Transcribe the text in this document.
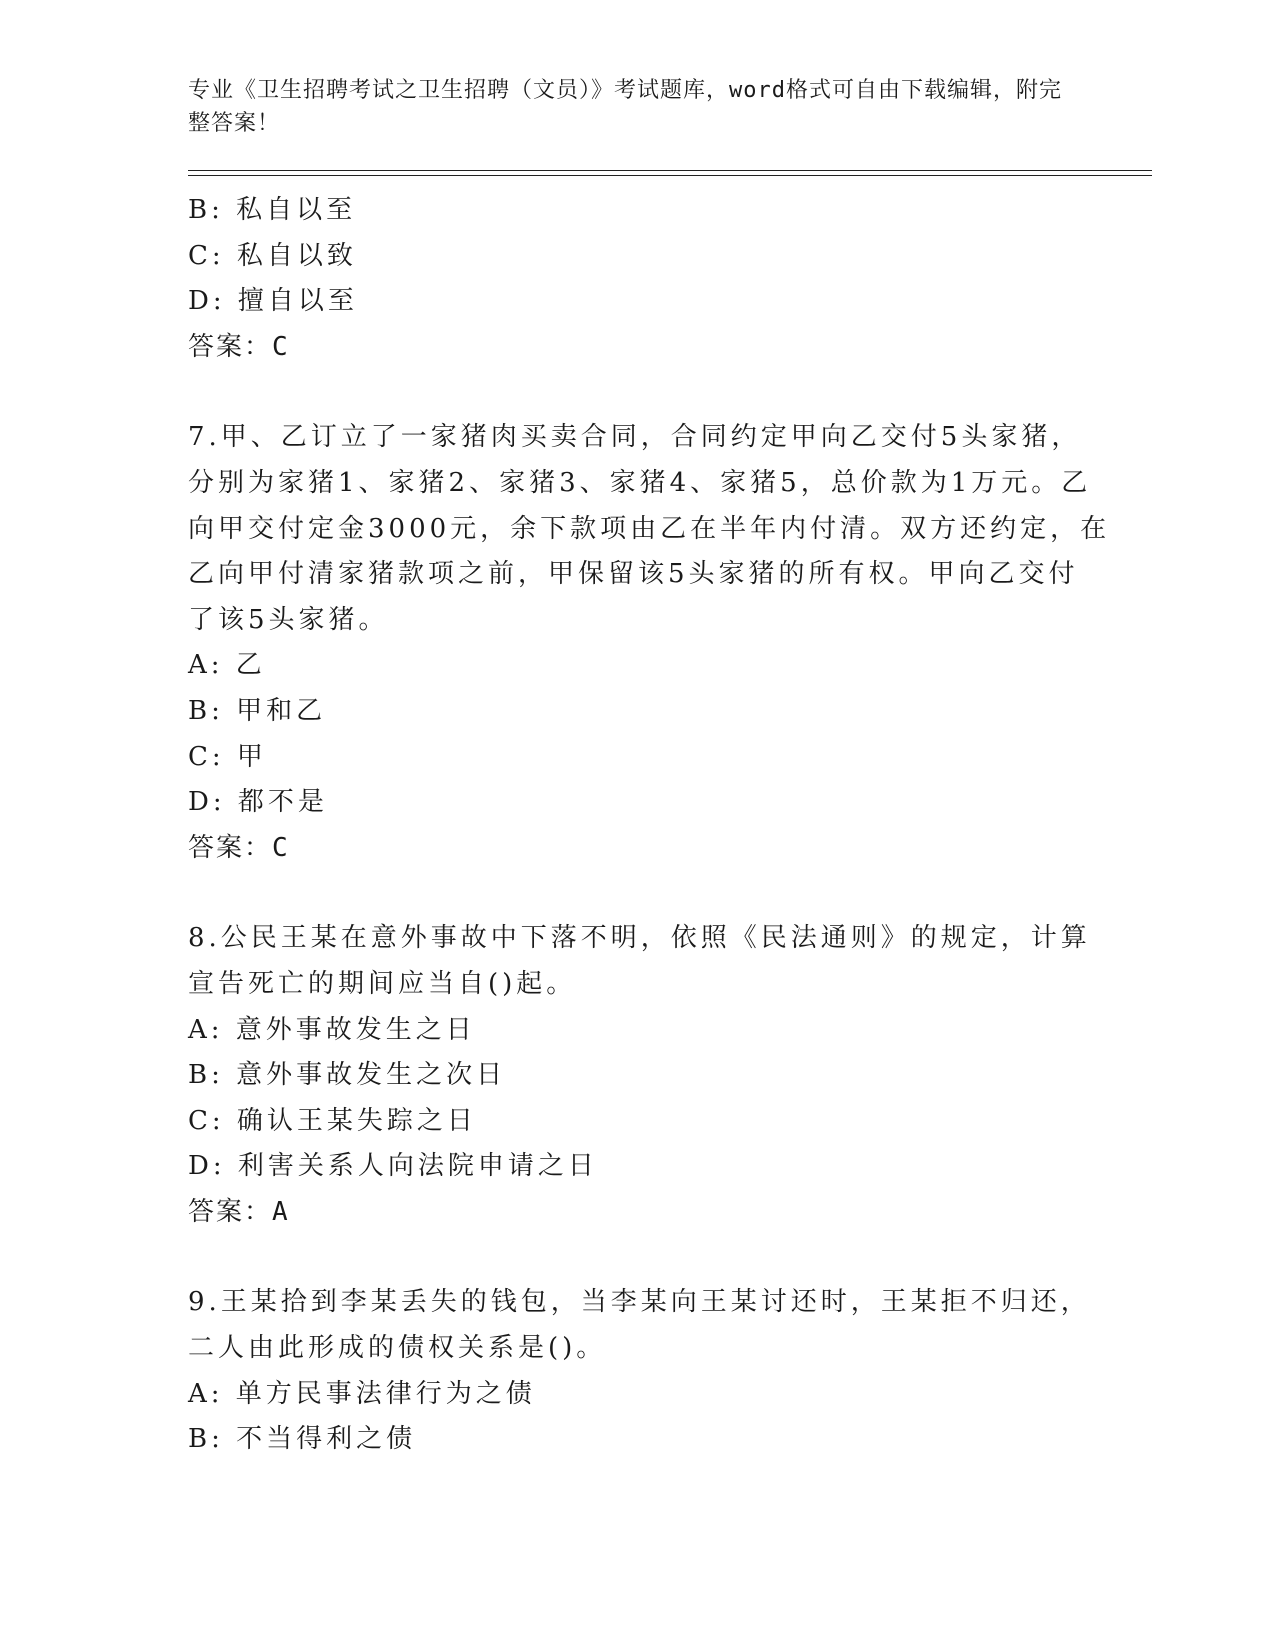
专业《卫生招聘考试之卫生招聘（文员）》考试题库，word格式可自由下载编辑，附完整答案！
B: 私自以至
C: 私自以致
D: 擅自以至
答案：C
7.甲、乙订立了一家猪肉买卖合同，合同约定甲向乙交付5头家猪，
分别为家猪1、家猪2、家猪3、家猪4、家猪5，总价款为1万元。乙
向甲交付定金3000元，余下款项由乙在半年内付清。双方还约定，在
乙向甲付清家猪款项之前，甲保留该5头家猪的所有权。甲向乙交付
了该5头家猪。
A: 乙
B: 甲和乙
C: 甲
D: 都不是
答案：C
8.公民王某在意外事故中下落不明，依照《民法通则》的规定，计算
宣告死亡的期间应当自()起。
A: 意外事故发生之日
B: 意外事故发生之次日
C: 确认王某失踪之日
D: 利害关系人向法院申请之日
答案：A
9.王某拾到李某丢失的钱包，当李某向王某讨还时，王某拒不归还，
二人由此形成的债权关系是()。
A: 单方民事法律行为之债
B: 不当得利之债
